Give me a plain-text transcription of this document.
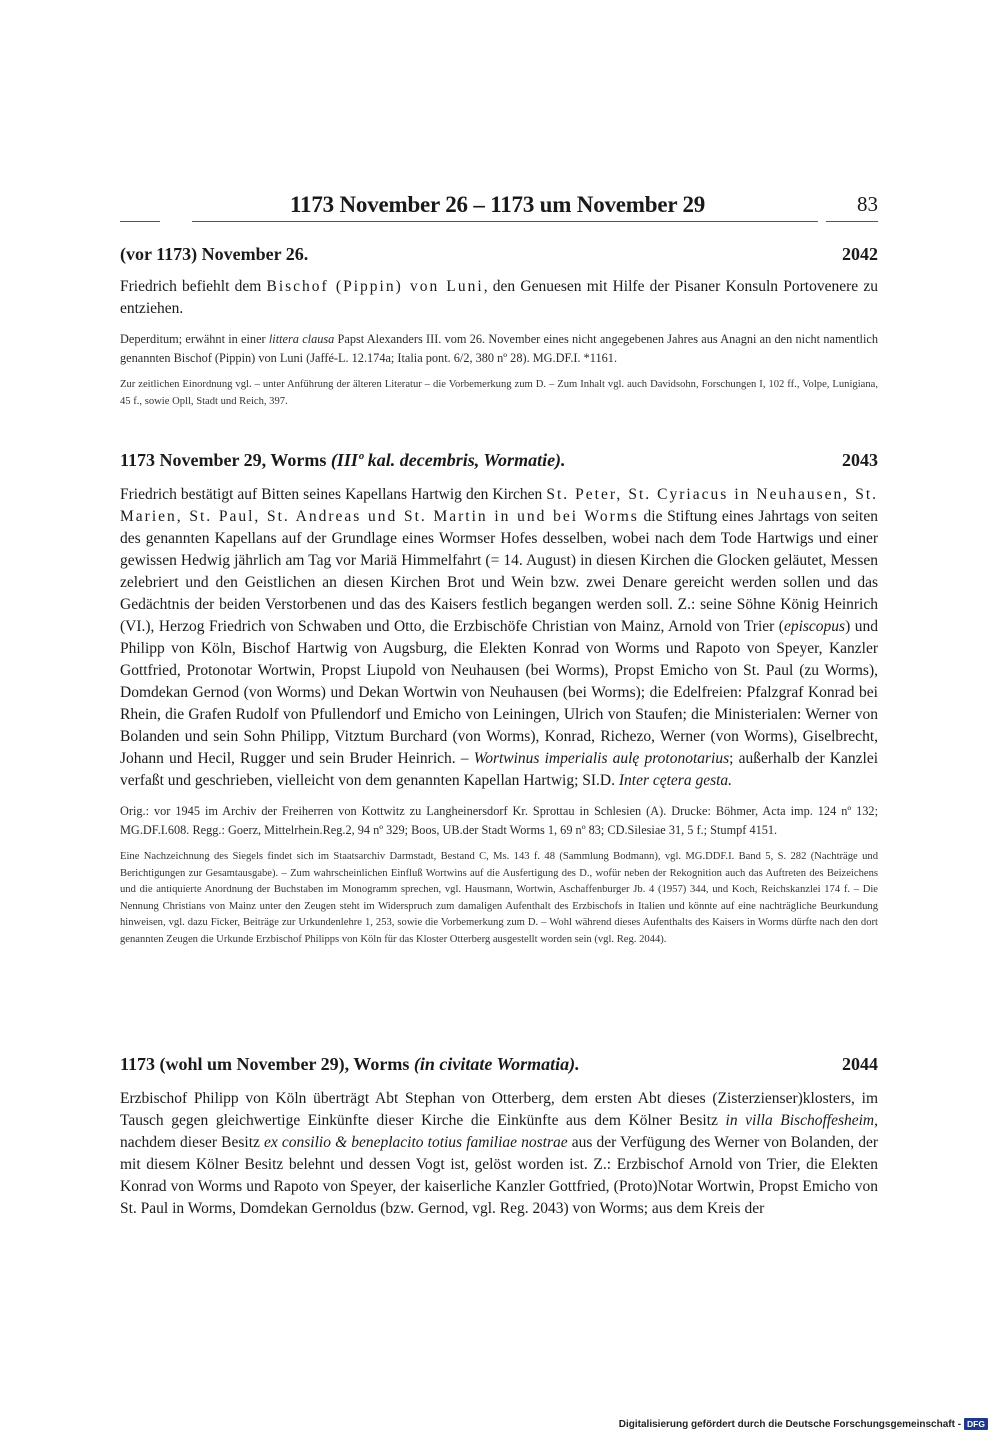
1173 November 26 – 1173 um November 29	83
(vor 1173) November 26.	2042
Friedrich befiehlt dem Bischof (Pippin) von Luni, den Genuesen mit Hilfe der Pisaner Konsuln Portovenere zu entziehen.
Deperditum; erwähnt in einer littera clausa Papst Alexanders III. vom 26. November eines nicht angegebenen Jahres aus Anagni an den nicht namentlich genannten Bischof (Pippin) von Luni (Jaffé-L. 12.174a; Italia pont. 6/2, 380 nº 28). MG.DF.I. *1161.
Zur zeitlichen Einordnung vgl. – unter Anführung der älteren Literatur – die Vorbemerkung zum D. – Zum Inhalt vgl. auch Davidsohn, Forschungen I, 102 ff., Volpe, Lunigiana, 45 f., sowie Opll, Stadt und Reich, 397.
1173 November 29, Worms (IIIº kal. decembris, Wormatie).	2043
Friedrich bestätigt auf Bitten seines Kapellans Hartwig den Kirchen St. Peter, St. Cyriacus in Neuhausen, St. Marien, St. Paul, St. Andreas und St. Martin in und bei Worms die Stiftung eines Jahrtags von seiten des genannten Kapellans auf der Grundlage eines Wormser Hofes desselben, wobei nach dem Tode Hartwigs und einer gewissen Hedwig jährlich am Tag vor Mariä Himmelfahrt (= 14. August) in diesen Kirchen die Glocken geläutet, Messen zelebriert und den Geistlichen an diesen Kirchen Brot und Wein bzw. zwei Denare gereicht werden sollen und das Gedächtnis der beiden Verstorbenen und das des Kaisers festlich begangen werden soll. Z.: seine Söhne König Heinrich (VI.), Herzog Friedrich von Schwaben und Otto, die Erzbischöfe Christian von Mainz, Arnold von Trier (episcopus) und Philipp von Köln, Bischof Hartwig von Augsburg, die Elekten Konrad von Worms und Rapoto von Speyer, Kanzler Gottfried, Protonotar Wortwin, Propst Liupold von Neuhausen (bei Worms), Propst Emicho von St. Paul (zu Worms), Domdekan Gernod (von Worms) und Dekan Wortwin von Neuhausen (bei Worms); die Edelfreien: Pfalzgraf Konrad bei Rhein, die Grafen Rudolf von Pfullendorf und Emicho von Leiningen, Ulrich von Staufen; die Ministerialen: Werner von Bolanden und sein Sohn Philipp, Vitztum Burchard (von Worms), Konrad, Richezo, Werner (von Worms), Giselbrecht, Johann und Hecil, Rugger und sein Bruder Heinrich. – Wortwinus imperialis aulę protonotarius; außerhalb der Kanzlei verfaßt und geschrieben, vielleicht von dem genannten Kapellan Hartwig; SI.D. Inter cętera gesta.
Orig.: vor 1945 im Archiv der Freiherren von Kottwitz zu Langheinersdorf Kr. Sprottau in Schlesien (A). Drucke: Böhmer, Acta imp. 124 nº 132; MG.DF.I.608. Regg.: Goerz, Mittelrhein.Reg.2, 94 nº 329; Boos, UB.der Stadt Worms 1, 69 nº 83; CD.Silesiae 31, 5 f.; Stumpf 4151.
Eine Nachzeichnung des Siegels findet sich im Staatsarchiv Darmstadt, Bestand C, Ms. 143 f. 48 (Sammlung Bodmann), vgl. MG.DDF.I. Band 5, S. 282 (Nachträge und Berichtigungen zur Gesamtausgabe). – Zum wahrscheinlichen Einfluß Wortwins auf die Ausfertigung des D., wofür neben der Rekognition auch das Auftreten des Beizeichens und die antiquierte Anordnung der Buchstaben im Monogramm sprechen, vgl. Hausmann, Wortwin, Aschaffenburger Jb. 4 (1957) 344, und Koch, Reichskanzlei 174 f. – Die Nennung Christians von Mainz unter den Zeugen steht im Widerspruch zum damaligen Aufenthalt des Erzbischofs in Italien und könnte auf eine nachträgliche Beurkundung hinweisen, vgl. dazu Ficker, Beiträge zur Urkundenlehre 1, 253, sowie die Vorbemerkung zum D. – Wohl während dieses Aufenthalts des Kaisers in Worms dürfte nach den dort genannten Zeugen die Urkunde Erzbischof Philipps von Köln für das Kloster Otterberg ausgestellt worden sein (vgl. Reg. 2044).
1173 (wohl um November 29), Worms (in civitate Wormatia).	2044
Erzbischof Philipp von Köln überträgt Abt Stephan von Otterberg, dem ersten Abt dieses (Zisterzienser)klosters, im Tausch gegen gleichwertige Einkünfte dieser Kirche die Einkünfte aus dem Kölner Besitz in villa Bischoffesheim, nachdem dieser Besitz ex consilio & beneplacito totius familiae nostrae aus der Verfügung des Werner von Bolanden, der mit diesem Kölner Besitz belehnt und dessen Vogt ist, gelöst worden ist. Z.: Erzbischof Arnold von Trier, die Elekten Konrad von Worms und Rapoto von Speyer, der kaiserliche Kanzler Gottfried, (Proto)Notar Wortwin, Propst Emicho von St. Paul in Worms, Domdekan Gernoldus (bzw. Gernod, vgl. Reg. 2043) von Worms; aus dem Kreis der
Digitalisierung gefördert durch die Deutsche Forschungsgemeinschaft - DFG
